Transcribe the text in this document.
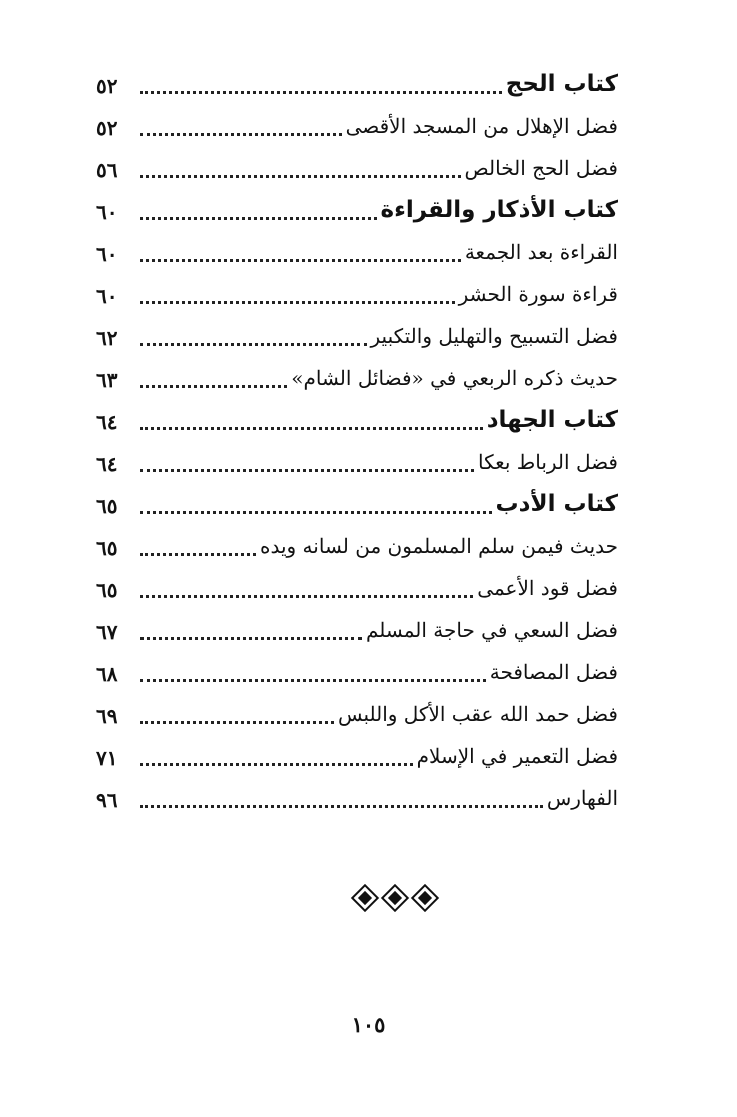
كتاب الحج
٥٢
فضل الإهلال من المسجد الأقصى
٥٢
فضل الحج الخالص
٥٦
كتاب الأذكار والقراءة
٦٠
القراءة بعد الجمعة
٦٠
قراءة سورة الحشر
٦٠
فضل التسبيح والتهليل والتكبير
٦٢
حديث ذكره الربعي في «فضائل الشام»
٦٣
كتاب الجهاد
٦٤
فضل الرباط بعكا
٦٤
كتاب الأدب
٦٥
حديث فيمن سلم المسلمون من لسانه ويده
٦٥
فضل قود الأعمى
٦٥
فضل السعي في حاجة المسلم
٦٧
فضل المصافحة
٦٨
فضل حمد الله عقب الأكل واللبس
٦٩
فضل التعمير في الإسلام
٧١
الفهارس
٩٦
١٠٥
